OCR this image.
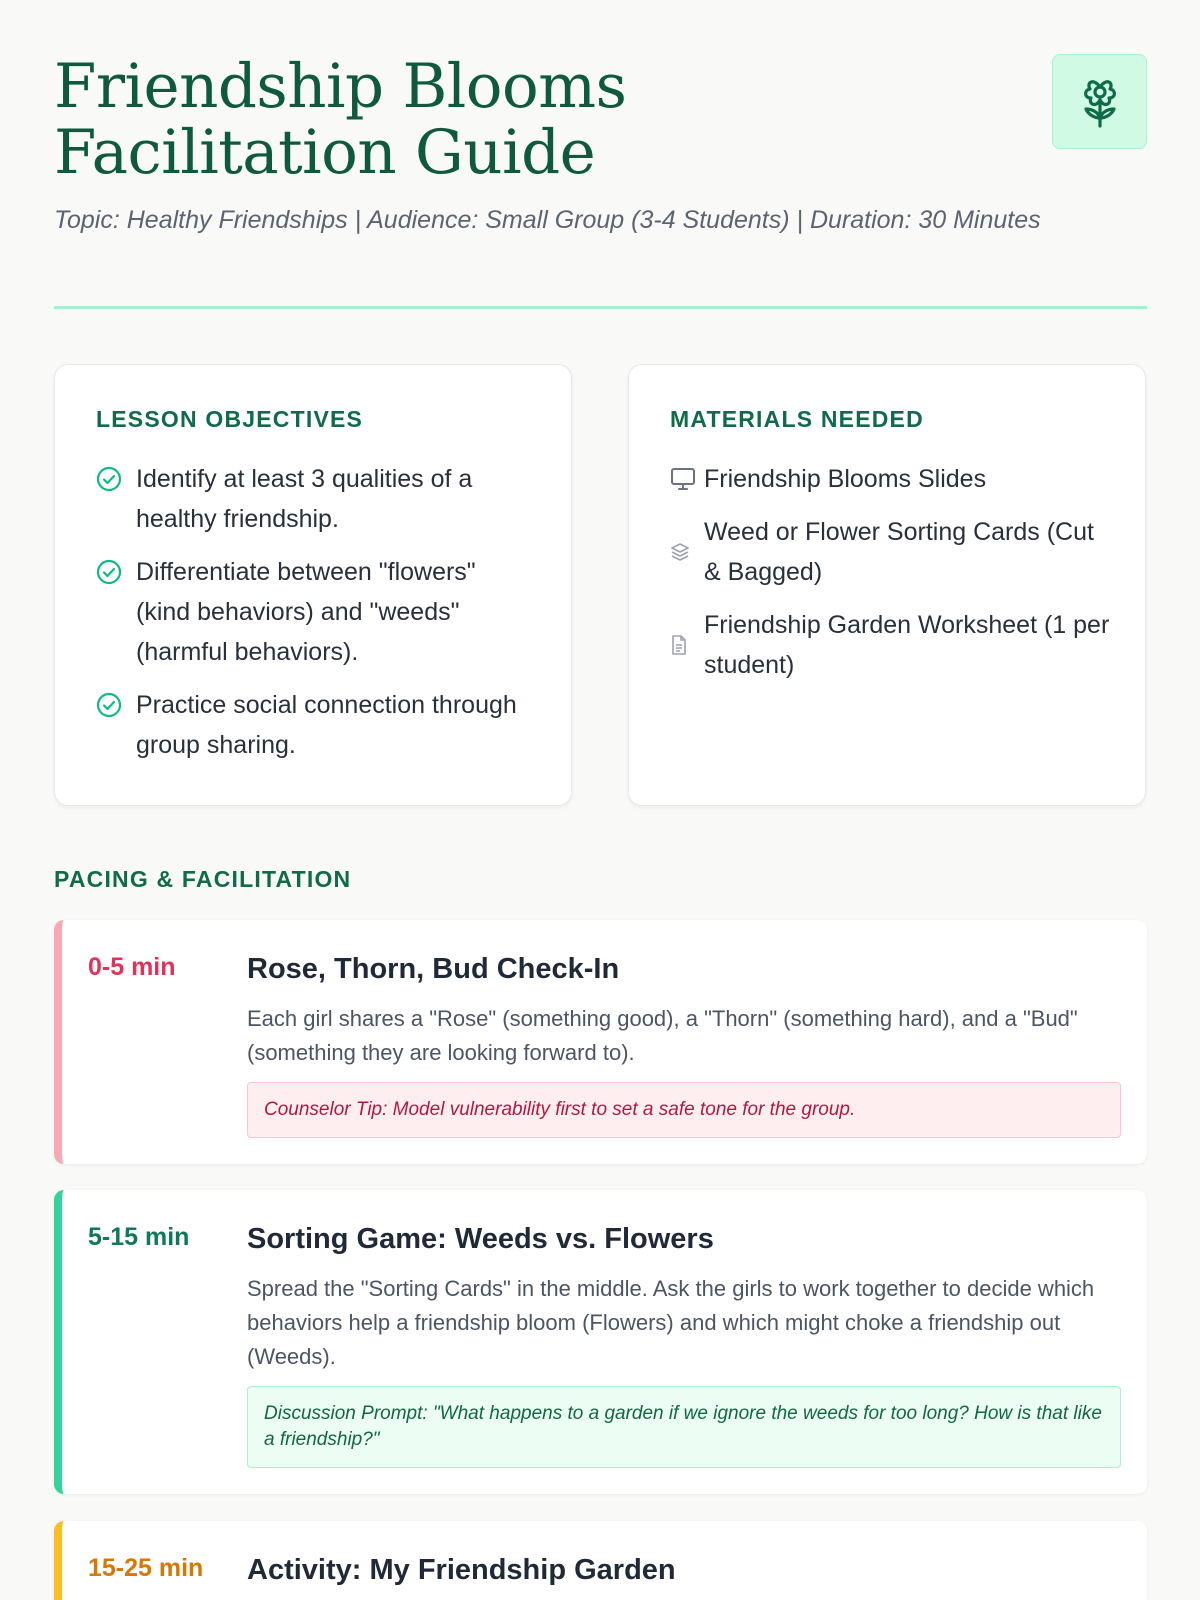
Friendship Blooms Facilitation Guide

Topic: Healthy Friendships | Audience: Small Group (3-4 Students) | Duration: 30 Minutes

LESSON OBJECTIVES
Identify at least 3 qualities of a healthy friendship.
Differentiate between "flowers" (kind behaviors) and "weeds" (harmful behaviors).
Practice social connection through group sharing.
MATERIALS NEEDED
Friendship Blooms Slides
Weed or Flower Sorting Cards (Cut & Bagged)
Friendship Garden Worksheet (1 per student)
PACING & FACILITATION
0-5 min Rose, Thorn, Bud Check-In

Each girl shares a "Rose" (something good), a "Thorn" (something hard), and a "Bud" (something they are looking forward to).

Counselor Tip: Model vulnerability first to set a safe tone for the group.
5-15 min Sorting Game: Weeds vs. Flowers

Spread the "Sorting Cards" in the middle. Ask the girls to work together to decide which behaviors help a friendship bloom (Flowers) and which might choke a friendship out (Weeds).

Discussion Prompt: "What happens to a garden if we ignore the weeds for too long? How is that like a friendship?"
15-25 min Activity: My Friendship Garden
